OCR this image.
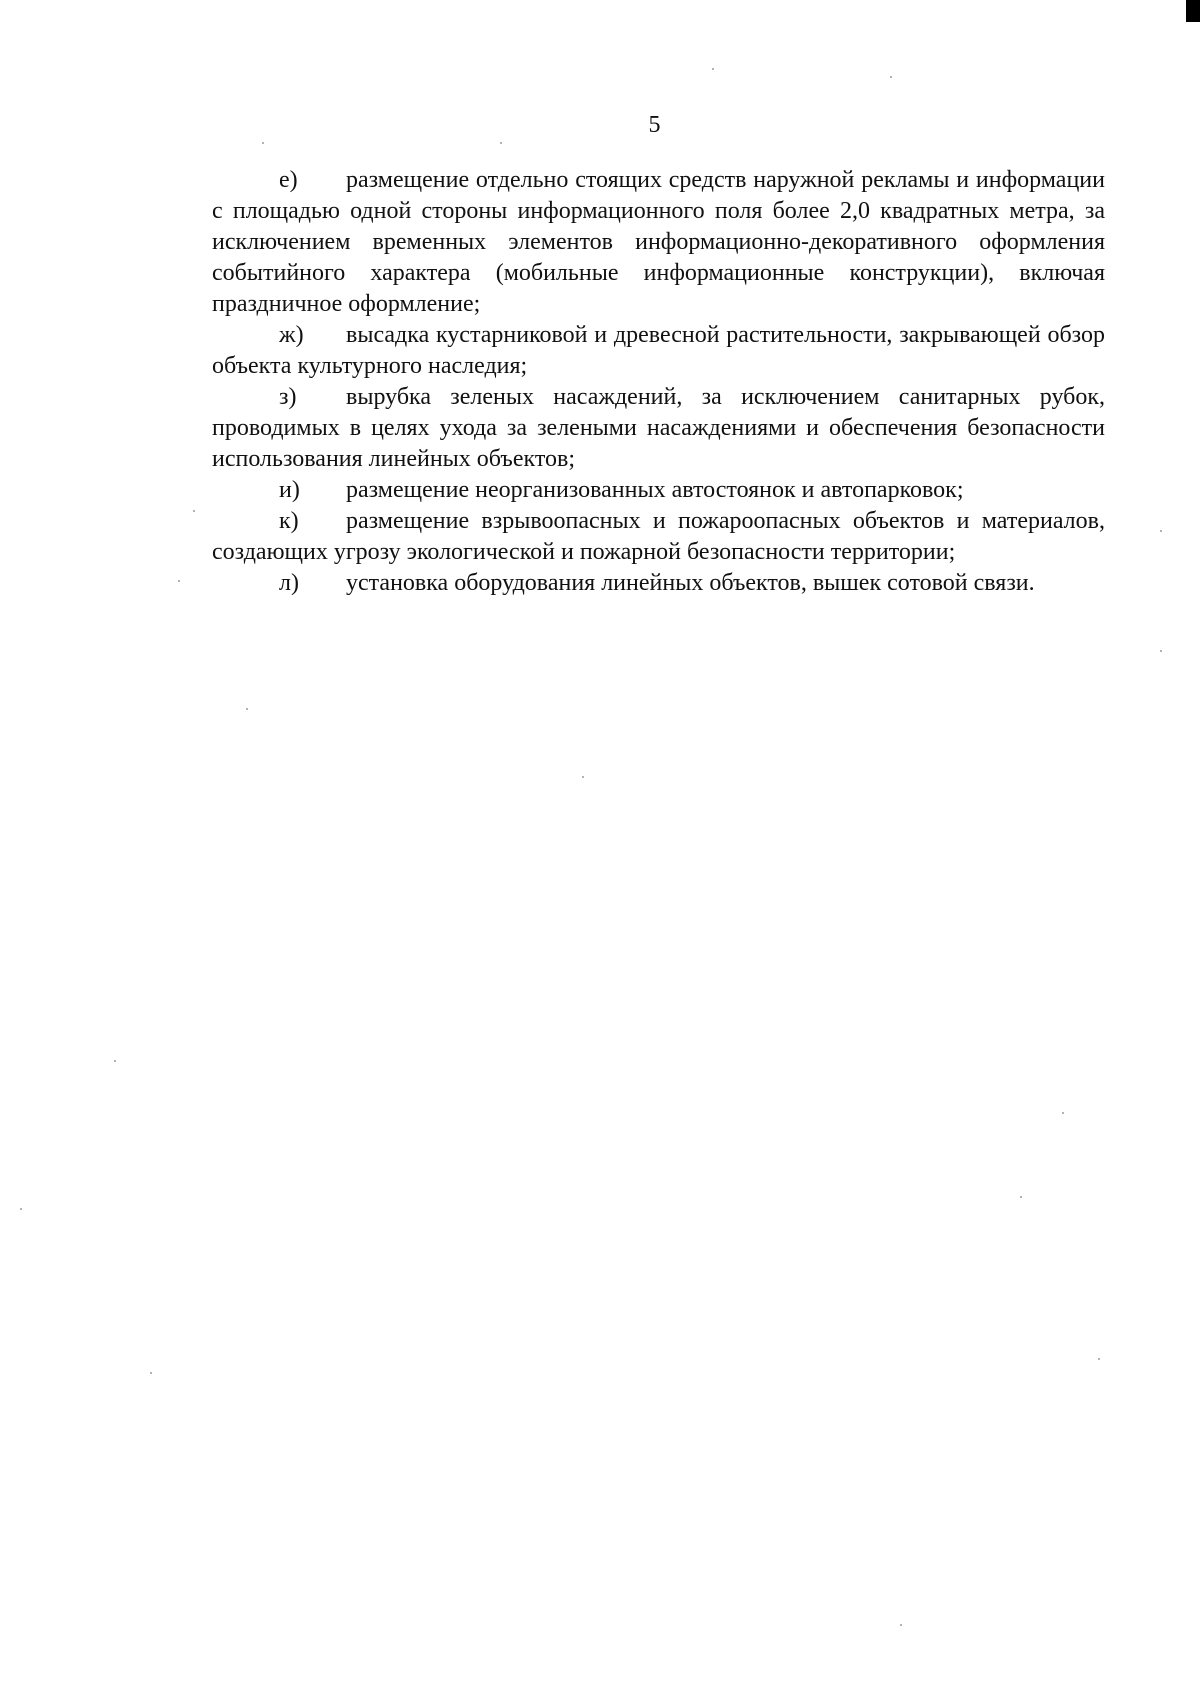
5

е) размещение отдельно стоящих средств наружной рекламы и информации с площадью одной стороны информационного поля более 2,0 квадратных метра, за исключением временных элементов информационно-декоративного оформления событийного характера (мобильные информационные конструкции), включая праздничное оформление;

ж) высадка кустарниковой и древесной растительности, закрывающей обзор объекта культурного наследия;

з) вырубка зеленых насаждений, за исключением санитарных рубок, проводимых в целях ухода за зелеными насаждениями и обеспечения безопасности использования линейных объектов;

и) размещение неорганизованных автостоянок и автопарковок;

к) размещение взрывоопасных и пожароопасных объектов и материалов, создающих угрозу экологической и пожарной безопасности территории;

л) установка оборудования линейных объектов, вышек сотовой связи.
